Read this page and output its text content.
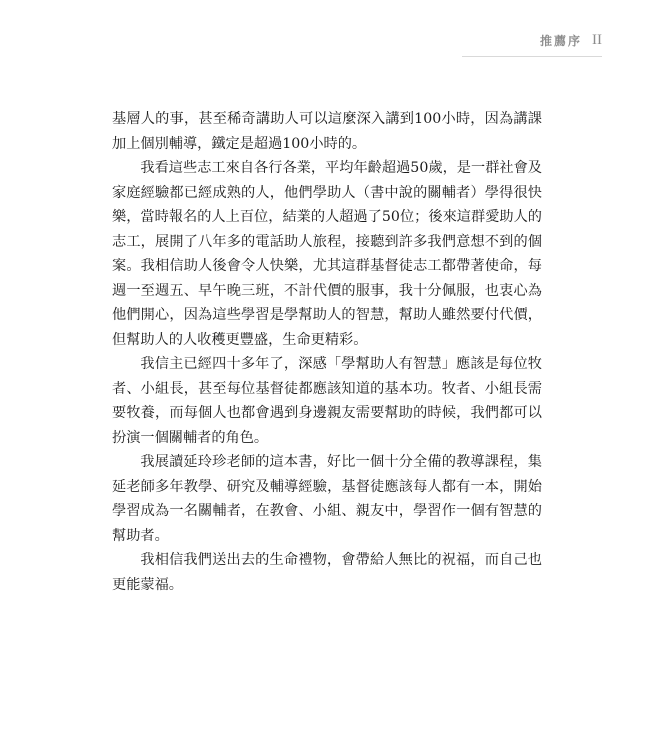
推薦序 II

基層人的事，甚至稀奇講助人可以這麼深入講到100小時，因為講課加上個別輔導，鐵定是超過100小時的。

我看這些志工來自各行各業，平均年齡超過50歲，是一群社會及家庭經驗都已經成熟的人，他們學助人（書中說的關輔者）學得很快樂，當時報名的人上百位，結業的人超過了50位；後來這群愛助人的志工，展開了八年多的電話助人旅程，接聽到許多我們意想不到的個案。我相信助人後會令人快樂，尤其這群基督徒志工都帶著使命，每週一至週五、早午晚三班，不計代價的服事，我十分佩服，也衷心為他們開心，因為這些學習是學幫助人的智慧，幫助人雖然要付代價，但幫助人的人收穫更豐盛，生命更精彩。

我信主已經四十多年了，深感「學幫助人有智慧」應該是每位牧者、小組長，甚至每位基督徒都應該知道的基本功。牧者、小組長需要牧養，而每個人也都會遇到身邊親友需要幫助的時候，我們都可以扮演一個關輔者的角色。

我展讀延玲珍老師的這本書，好比一個十分全備的教導課程，集延老師多年教學、研究及輔導經驗，基督徒應該每人都有一本，開始學習成為一名關輔者，在教會、小組、親友中，學習作一個有智慧的幫助者。

我相信我們送出去的生命禮物，會帶給人無比的祝福，而自己也更能蒙福。
